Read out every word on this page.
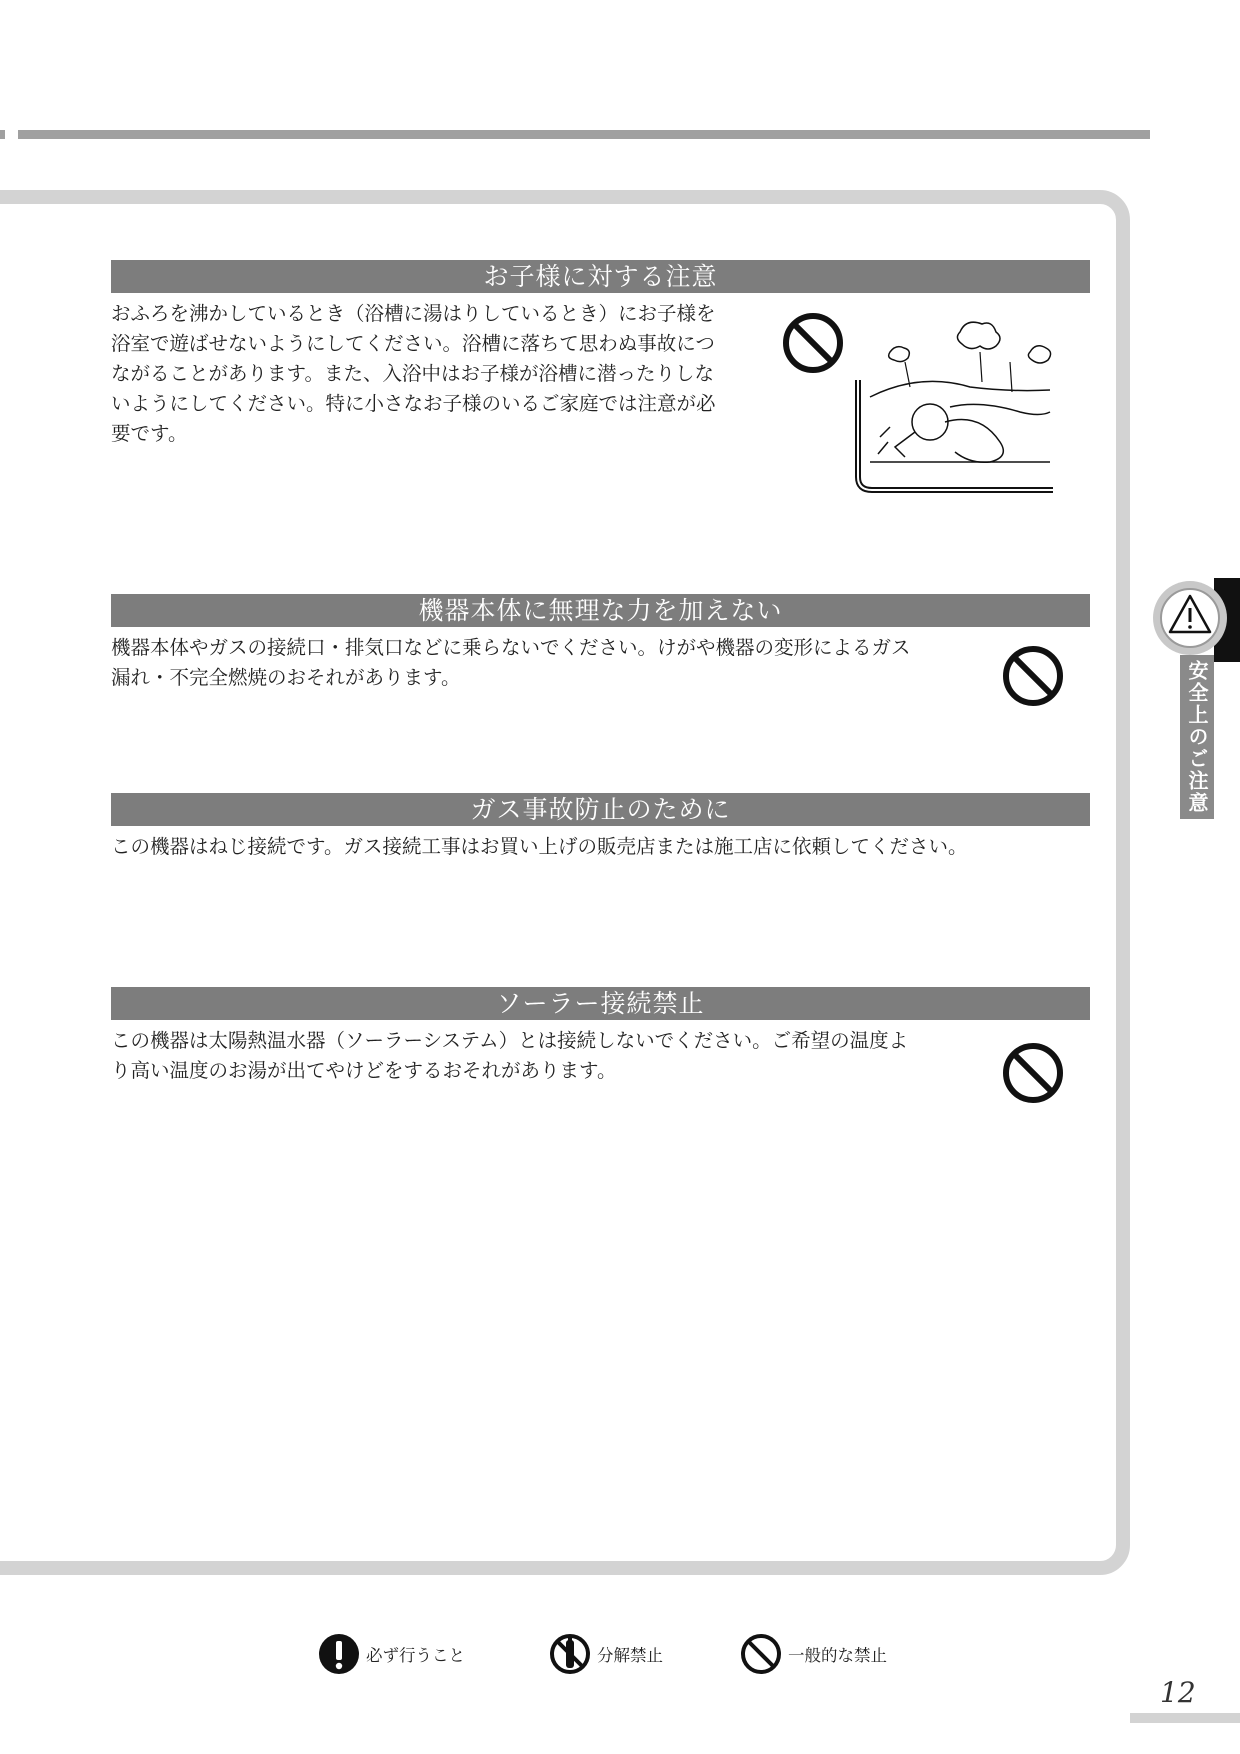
お子様に対する注意
おふろを沸かしているとき（浴槽に湯はりしているとき）にお子様を
浴室で遊ばせないようにしてください。浴槽に落ちて思わぬ事故につ
ながることがあります。また、入浴中はお子様が浴槽に潜ったりしな
いようにしてください。特に小さなお子様のいるご家庭では注意が必
要です。
機器本体に無理な力を加えない
機器本体やガスの接続口・排気口などに乗らないでください。けがや機器の変形によるガス
漏れ・不完全燃焼のおそれがあります。
ガス事故防止のために
この機器はねじ接続です。ガス接続工事はお買い上げの販売店または施工店に依頼してください。
ソーラー接続禁止
この機器は太陽熱温水器（ソーラーシステム）とは接続しないでください。ご希望の温度よ
り高い温度のお湯が出てやけどをするおそれがあります。
安全上のご注意
必ず行うこと	分解禁止	一般的な禁止
12
